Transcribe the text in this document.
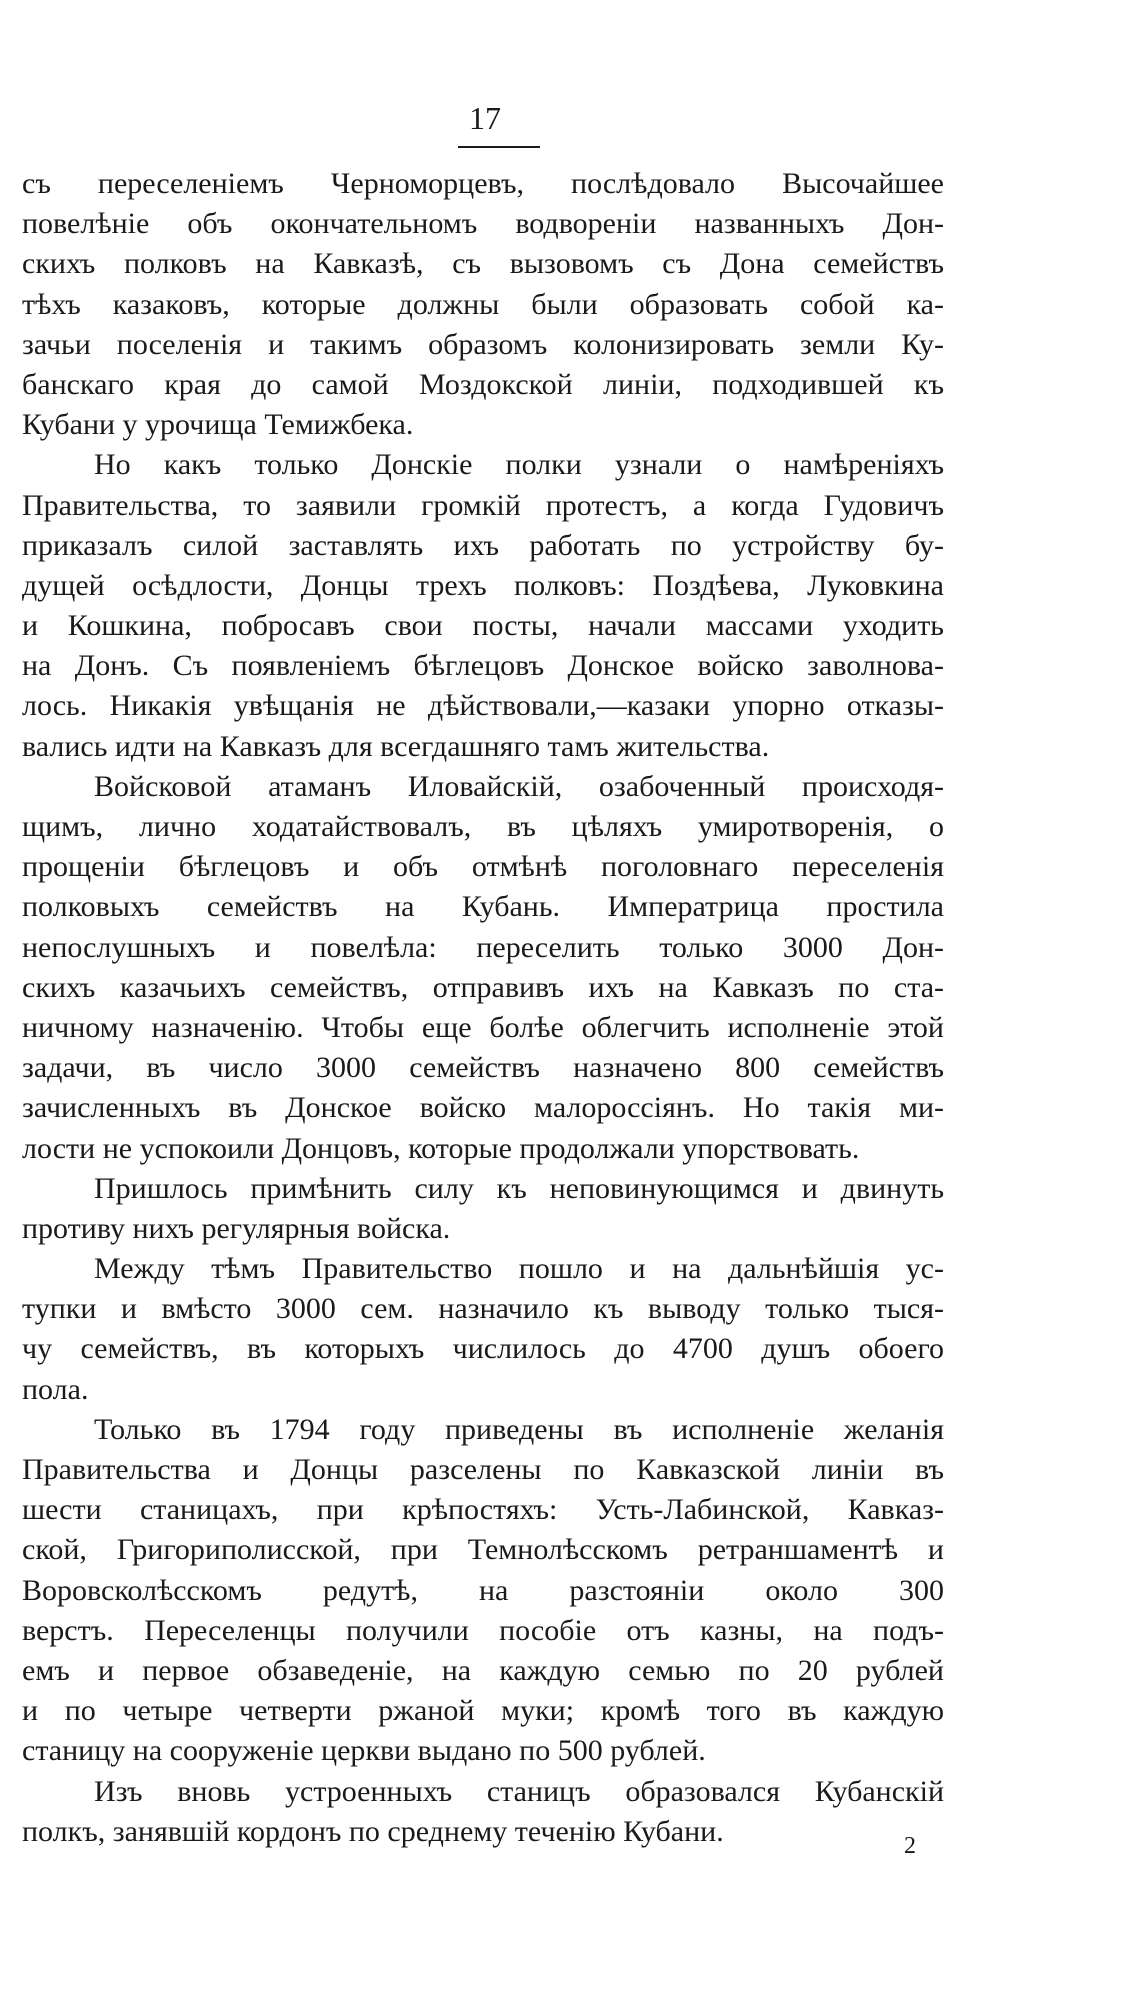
17
съ переселеніемъ Черноморцевъ, послѣдовало Высочайшее
повелѣніе объ окончательномъ водвореніи названныхъ Дон-
скихъ полковъ на Кавказѣ, съ вызовомъ съ Дона семействъ
тѣхъ казаковъ, которые должны были образовать собой ка-
зачьи поселенія и такимъ образомъ колонизировать земли Ку-
банскаго края до самой Моздокской линіи, подходившей къ
Кубани у урочища Темижбека.
Но какъ только Донскіе полки узнали о намѣреніяхъ
Правительства, то заявили громкій протестъ, а когда Гудовичъ
приказалъ силой заставлять ихъ работать по устройству бу-
дущей осѣдлости, Донцы трехъ полковъ: Поздѣева, Луковкина
и Кошкина, побросавъ свои посты, начали массами уходить
на Донъ. Съ появленіемъ бѣглецовъ Донское войско заволнова-
лось. Никакія увѣщанія не дѣйствовали,—казаки упорно отказы-
вались идти на Кавказъ для всегдашняго тамъ жительства.
Войсковой атаманъ Иловайскій, озабоченный происходя-
щимъ, лично ходатайствовалъ, въ цѣляхъ умиротворенія, о
прощеніи бѣглецовъ и объ отмѣнѣ поголовнаго переселенія
полковыхъ семействъ на Кубань. Императрица простила
непослушныхъ и повелѣла: переселить только 3000 Дон-
скихъ казачьихъ семействъ, отправивъ ихъ на Кавказъ по ста-
ничному назначенію. Чтобы еще болѣе облегчить исполненіе этой
задачи, въ число 3000 семействъ назначено 800 семействъ
зачисленныхъ въ Донское войско малороссіянъ. Но такія ми-
лости не успокоили Донцовъ, которые продолжали упорствовать.
Пришлось примѣнить силу къ неповинующимся и двинуть
противу нихъ регулярныя войска.
Между тѣмъ Правительство пошло и на дальнѣйшія ус-
тупки и вмѣсто 3000 сем. назначило къ выводу только тыся-
чу семействъ, въ которыхъ числилось до 4700 душъ обоего
пола.
Только въ 1794 году приведены въ исполненіе желанія
Правительства и Донцы разселены по Кавказской линіи въ
шести станицахъ, при крѣпостяхъ: Усть-Лабинской, Кавказ-
ской, Григориполисской, при Темнолѣсскомъ ретраншаментѣ и
Воровсколѣсскомъ редутѣ, на разстояніи около 300
верстъ. Переселенцы получили пособіе отъ казны, на подъ-
емъ и первое обзаведеніе, на каждую семью по 20 рублей
и по четыре четверти ржаной муки; кромѣ того въ каждую
станицу на сооруженіе церкви выдано по 500 рублей.
Изъ вновь устроенныхъ станицъ образовался Кубанскій
полкъ, занявшій кордонъ по среднему теченію Кубани.	2
